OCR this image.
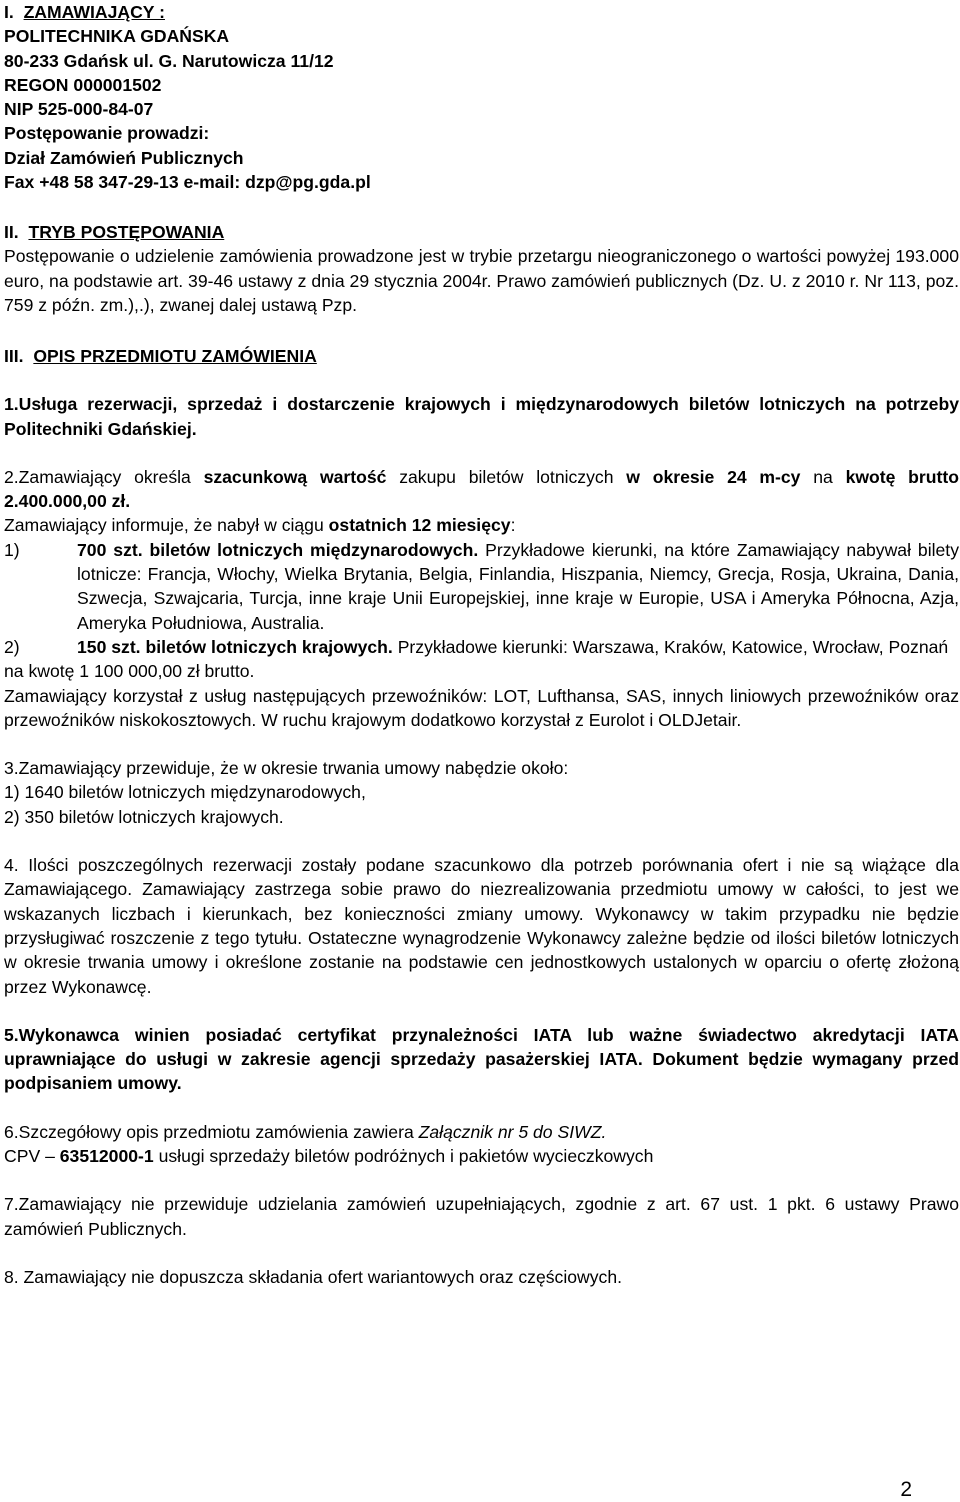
I. ZAMAWIAJĄCY :

POLITECHNIKA GDAŃSKA

80-233 Gdańsk ul. G. Narutowicza 11/12

REGON 000001502

NIP 525-000-84-07

Postępowanie prowadzi:

Dział Zamówień Publicznych

Fax +48 58 347-29-13 e-mail: dzp@pg.gda.pl

II. TRYB POSTĘPOWANIA

Postępowanie o udzielenie zamówienia prowadzone jest w trybie przetargu nieograniczonego o wartości powyżej 193.000 euro, na podstawie art. 39-46 ustawy z dnia 29 stycznia 2004r. Prawo zamówień publicznych (Dz. U. z 2010 r. Nr 113, poz. 759 z późn. zm.),.), zwanej dalej ustawą Pzp.

III. OPIS PRZEDMIOTU ZAMÓWIENIA

1.Usługa rezerwacji, sprzedaż i dostarczenie krajowych i międzynarodowych biletów lotniczych na potrzeby Politechniki Gdańskiej.

2.Zamawiający określa szacunkową wartość zakupu biletów lotniczych w okresie 24 m-cy na kwotę brutto 2.400.000,00 zł.

Zamawiający informuje, że nabył w ciągu ostatnich 12 miesięcy:

1)	700 szt. biletów lotniczych międzynarodowych. Przykładowe kierunki, na które Zamawiający nabywał bilety lotnicze: Francja, Włochy, Wielka Brytania, Belgia, Finlandia, Hiszpania, Niemcy, Grecja, Rosja, Ukraina, Dania, Szwecja, Szwajcaria, Turcja, inne kraje Unii Europejskiej, inne kraje w Europie, USA i Ameryka Północna, Azja, Ameryka Południowa, Australia.

2)	150 szt. biletów lotniczych krajowych. Przykładowe kierunki: Warszawa, Kraków, Katowice, Wrocław, Poznań

na kwotę 1 100 000,00 zł brutto.

Zamawiający korzystał z usług następujących przewoźników: LOT, Lufthansa, SAS, innych liniowych przewoźników oraz przewoźników niskokosztowych. W ruchu krajowym dodatkowo korzystał z Eurolot i OLDJetair.

3.Zamawiający przewiduje, że w okresie trwania umowy nabędzie około:

1) 1640 biletów lotniczych międzynarodowych,

2) 350 biletów lotniczych krajowych.

4. Ilości poszczególnych rezerwacji zostały podane szacunkowo dla potrzeb porównania ofert i nie są wiążące dla Zamawiającego. Zamawiający zastrzega sobie prawo do niezrealizowania przedmiotu umowy w całości, to jest we wskazanych liczbach i kierunkach, bez konieczności zmiany umowy. Wykonawcy w takim przypadku nie będzie przysługiwać roszczenie z tego tytułu. Ostateczne wynagrodzenie Wykonawcy zależne będzie od ilości biletów lotniczych w okresie trwania umowy i określone zostanie na podstawie cen jednostkowych ustalonych w oparciu o ofertę złożoną przez Wykonawcę.

5.Wykonawca winien posiadać certyfikat przynależności IATA lub ważne świadectwo akredytacji IATA uprawniające do usługi w zakresie agencji sprzedaży pasażerskiej IATA. Dokument będzie wymagany przed podpisaniem umowy.

6.Szczegółowy opis przedmiotu zamówienia zawiera Załącznik nr 5 do SIWZ.

CPV – 63512000-1 usługi sprzedaży biletów podróżnych i pakietów wycieczkowych

7.Zamawiający nie przewiduje udzielania zamówień uzupełniających, zgodnie z art. 67 ust. 1 pkt. 6 ustawy Prawo zamówień Publicznych.

8. Zamawiający nie dopuszcza składania ofert wariantowych oraz częściowych.

2
